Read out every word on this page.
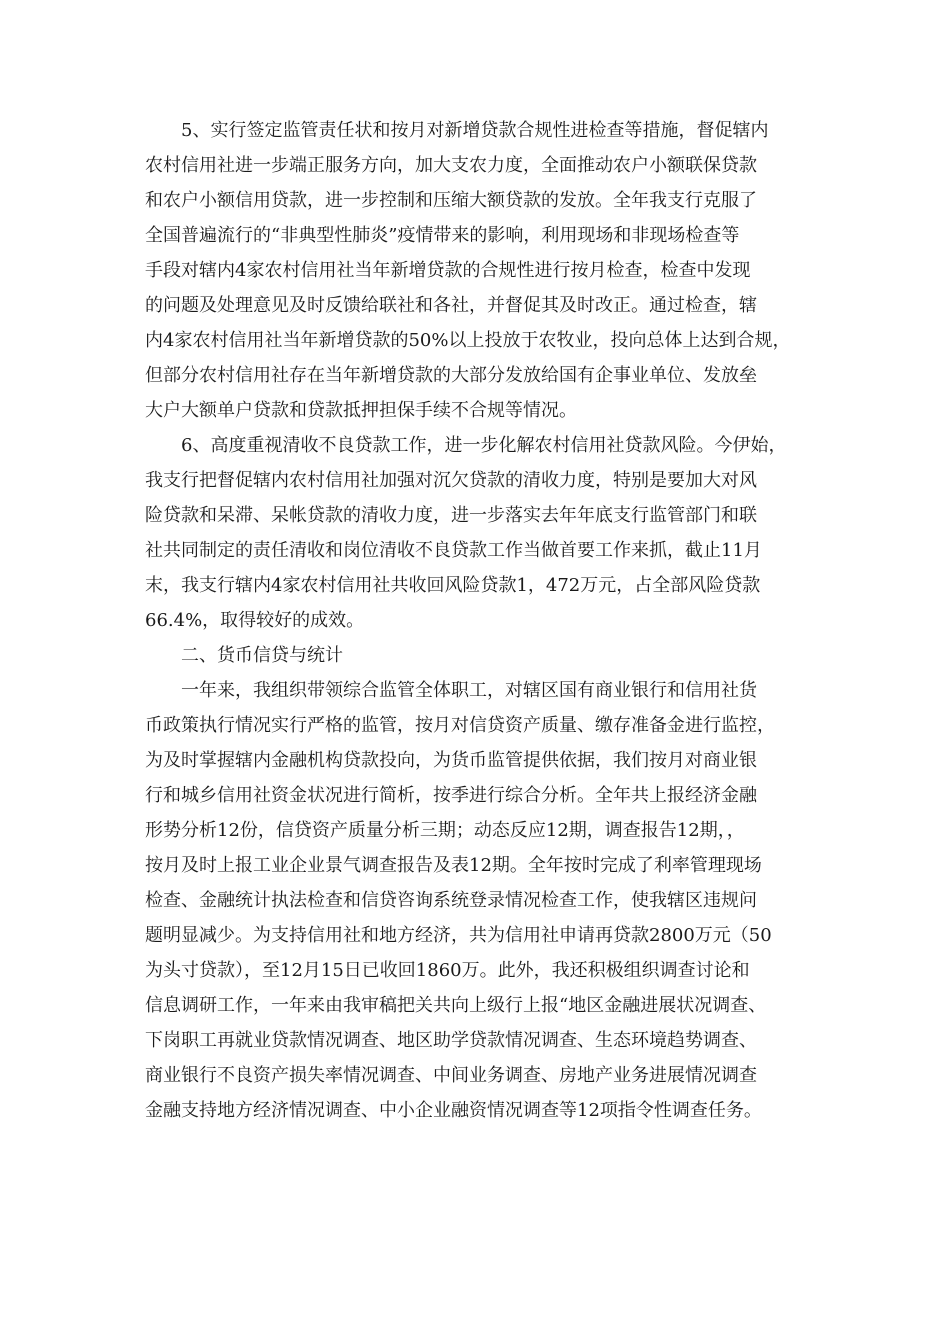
5、实行签定监管责任状和按月对新增贷款合规性进检查等措施，督促辖内
农村信用社进一步端正服务方向，加大支农力度，全面推动农户小额联保贷款
和农户小额信用贷款，进一步控制和压缩大额贷款的发放。全年我支行克服了
全国普遍流行的“非典型性肺炎”疫情带来的影响，利用现场和非现场检查等
手段对辖内4家农村信用社当年新增贷款的合规性进行按月检查，检查中发现
的问题及处理意见及时反馈给联社和各社，并督促其及时改正。通过检查，辖
内4家农村信用社当年新增贷款的50%以上投放于农牧业，投向总体上达到合规，
但部分农村信用社存在当年新增贷款的大部分发放给国有企事业单位、发放垒
大户大额单户贷款和贷款抵押担保手续不合规等情况。
6、高度重视清收不良贷款工作，进一步化解农村信用社贷款风险。今伊始，
我支行把督促辖内农村信用社加强对沉欠贷款的清收力度，特别是要加大对风
险贷款和呆滞、呆帐贷款的清收力度，进一步落实去年年底支行监管部门和联
社共同制定的责任清收和岗位清收不良贷款工作当做首要工作来抓，截止11月
末，我支行辖内4家农村信用社共收回风险贷款1，472万元，占全部风险贷款
66.4%，取得较好的成效。
二、货币信贷与统计
一年来，我组织带领综合监管全体职工，对辖区国有商业银行和信用社货
币政策执行情况实行严格的监管，按月对信贷资产质量、缴存准备金进行监控，
为及时掌握辖内金融机构贷款投向，为货币监管提供依据，我们按月对商业银
行和城乡信用社资金状况进行简析，按季进行综合分析。全年共上报经济金融
形势分析12份，信贷资产质量分析三期；动态反应12期，调查报告12期，，
按月及时上报工业企业景气调查报告及表12期。全年按时完成了利率管理现场
检查、金融统计执法检查和信贷咨询系统登录情况检查工作，使我辖区违规问
题明显减少。为支持信用社和地方经济，共为信用社申请再贷款2800万元（50
为头寸贷款），至12月15日已收回1860万。此外，我还积极组织调查讨论和
信息调研工作，一年来由我审稿把关共向上级行上报“地区金融进展状况调查、
下岗职工再就业贷款情况调查、地区助学贷款情况调查、生态环境趋势调查、
商业银行不良资产损失率情况调查、中间业务调查、房地产业务进展情况调查
金融支持地方经济情况调查、中小企业融资情况调查等12项指令性调查任务。
